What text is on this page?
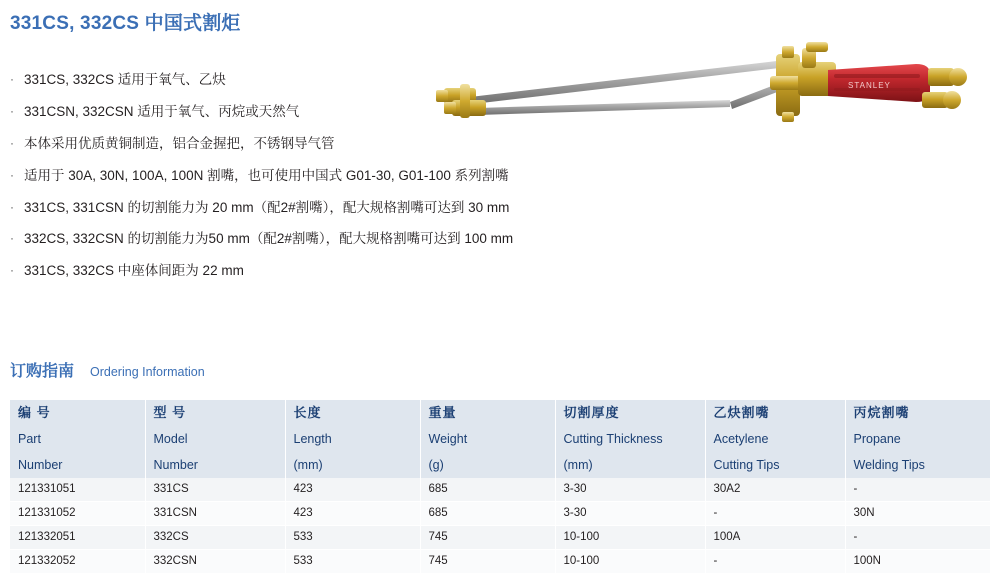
331CS, 332CS 中国式割炬
STANLEY
· 331CS, 332CS 适用于氧气、乙炔
· 331CSN, 332CSN 适用于氧气、丙烷或天然气
· 本体采用优质黄铜制造，铝合金握把，不锈钢导气管
· 适用于 30A, 30N, 100A, 100N 割嘴，也可使用中国式 G01-30, G01-100 系列割嘴
· 331CS, 331CSN 的切割能力为 20 mm（配2#割嘴），配大规格割嘴可达到 30 mm
· 332CS, 332CSN 的切割能力为50 mm（配2#割嘴），配大规格割嘴可达到 100 mm
· 331CS, 332CS 中座体间距为 22 mm
订购指南 Ordering Information
编 号	型 号	长度	重量	切割厚度	乙炔割嘴	丙烷割嘴
Part	Model	Length	Weight	Cutting Thickness	Acetylene	Propane
Number	Number	(mm)	(g)	(mm)	Cutting Tips	Welding Tips
121331051	331CS	423	685	3-30	30A2	-
121331052	331CSN	423	685	3-30	-	30N
121332051	332CS	533	745	10-100	100A	-
121332052	332CSN	533	745	10-100	-	100N
